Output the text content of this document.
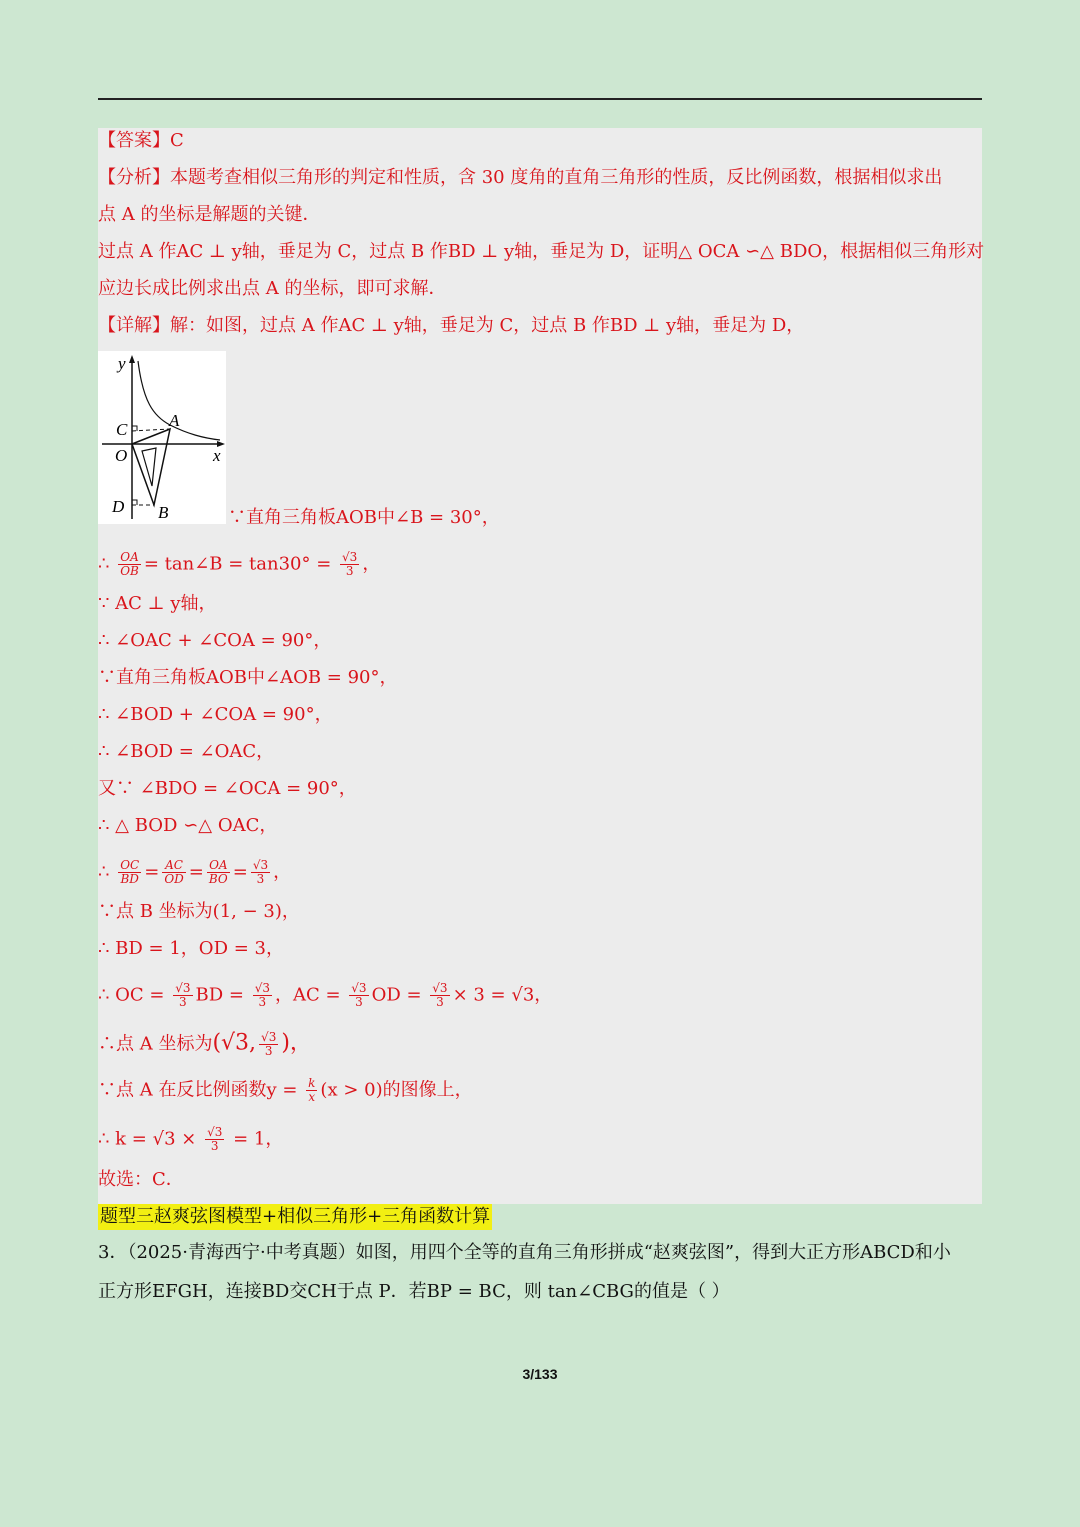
【答案】C
【分析】本题考查相似三角形的判定和性质，含 30 度角的直角三角形的性质，反比例函数，根据相似求出
点 A 的坐标是解题的关键．
过点 A 作AC ⊥ y轴，垂足为 C，过点 B 作BD ⊥ y轴，垂足为 D，证明△ OCA ∽△ BDO，根据相似三角形对
应边长成比例求出点 A 的坐标，即可求解．
【详解】解：如图，过点 A 作AC ⊥ y轴，垂足为 C，过点 B 作BD ⊥ y轴，垂足为 D，
y
x
O
C A
D B	∵直角三角板AOB中∠B = 30°，
∴ $\frac{OA}{OB}$ = tan∠B = $\tan 30^\circ = \frac{√3}{3}$ ，
∵ AC ⊥ y轴，
∴ ∠OAC + ∠COA = 90°，
∵直角三角板AOB中∠AOB = 90°，
∴ ∠BOD + ∠COA = 90°，
∴ ∠BOD = ∠OAC，
又∵ ∠BDO = ∠OCA = 90°，
∴ △ BOD ∽△ OAC，
∴ $\frac{OC}{BD} = \frac{AC}{OD} = \frac{OA}{BO} = \frac{√3}{3}$ ，
∵点 B 坐标为(1, − 3)，
∴ BD = 1，OD = 3，
∴ OC = $\frac{√3}{3}$ BD = $\frac{√3}{3}$ ，AC = $\frac{√3}{3}$ OD = $\frac{√3}{3} \times 3 = √3$，
∴点 A 坐标为(√3, $\frac{√3}{3}$ )，
∵点 A 在反比例函数$y = \frac{k}{x} (x > 0)$的图像上，
∴ $k = √3 \times \frac{√3}{3} = 1$，
故选：C．
题型三赵爽弦图模型+相似三角形+三角函数计算
3．（2025·青海西宁·中考真题）如图，用四个全等的直角三角形拼成“赵爽弦图”，得到大正方形ABCD和小
正方形EFGH，连接BD交CH于点 P．若BP = BC，则 tan∠CBG的值是（ ）
3/133
